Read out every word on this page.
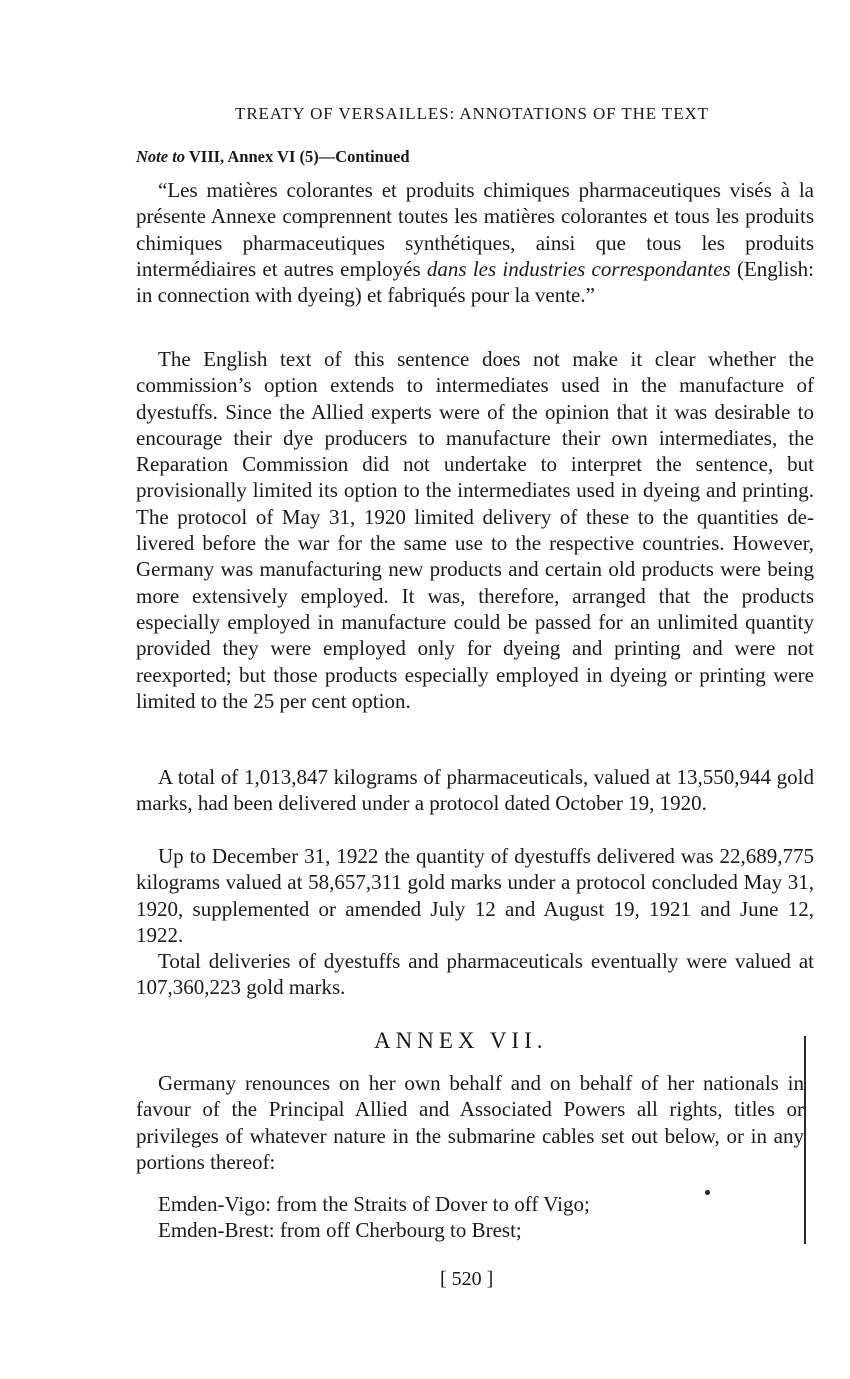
TREATY OF VERSAILLES: ANNOTATIONS OF THE TEXT
Note to VIII, Annex VI (5)—Continued

“Les matières colorantes et produits chimiques pharmaceutiques visés à la présente Annexe comprennent toutes les matières colorantes et tous les produits chimiques pharmaceutiques synthétiques, ainsi que tous les produits intermédiaires et autres employés dans les industries correspondantes (English: in connection with dyeing) et fabriqués pour la vente.”

The English text of this sentence does not make it clear whether the commission’s option extends to intermediates used in the manufacture of dyestuffs. Since the Allied experts were of the opinion that it was desirable to encourage their dye producers to manufacture their own intermediates, the Reparation Commission did not undertake to interpret the sentence, but provisionally limited its option to the intermediates used in dyeing and printing. The protocol of May 31, 1920 limited delivery of these to the quantities delivered before the war for the same use to the respective countries. However, Germany was manufacturing new products and certain old products were being more extensively employed. It was, therefore, arranged that the products especially employed in manufacture could be passed for an unlimited quantity provided they were employed only for dyeing and printing and were not reexported; but those products especially employed in dyeing or printing were limited to the 25 per cent option.

A total of 1,013,847 kilograms of pharmaceuticals, valued at 13,550,944 gold marks, had been delivered under a protocol dated October 19, 1920.

Up to December 31, 1922 the quantity of dyestuffs delivered was 22,689,775 kilograms valued at 58,657,311 gold marks under a protocol concluded May 31, 1920, supplemented or amended July 12 and August 19, 1921 and June 12, 1922.

Total deliveries of dyestuffs and pharmaceuticals eventually were valued at 107,360,223 gold marks.

ANNEX VII.

Germany renounces on her own behalf and on behalf of her nationals in favour of the Principal Allied and Associated Powers all rights, titles or privileges of whatever nature in the submarine cables set out below, or in any portions thereof:

Emden-Vigo: from the Straits of Dover to off Vigo;
Emden-Brest: from off Cherbourg to Brest;
[ 520 ]
